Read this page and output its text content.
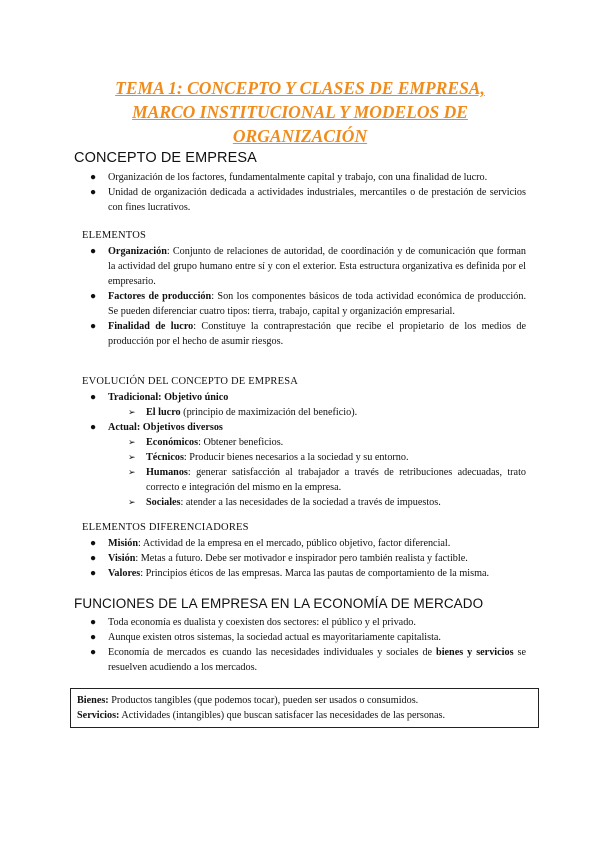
TEMA 1: CONCEPTO Y CLASES DE EMPRESA,
MARCO INSTITUCIONAL Y MODELOS DE
ORGANIZACIÓN
CONCEPTO DE EMPRESA
● Organización de los factores, fundamentalmente capital y trabajo, con una finalidad de lucro.
● Unidad de organización dedicada a actividades industriales, mercantiles o de prestación de servicios con fines lucrativos.
ELEMENTOS
● Organización: Conjunto de relaciones de autoridad, de coordinación y de comunicación que forman la actividad del grupo humano entre sí y con el exterior. Esta estructura organizativa es definida por el empresario.
● Factores de producción: Son los componentes básicos de toda actividad económica de producción. Se pueden diferenciar cuatro tipos: tierra, trabajo, capital y organización empresarial.
● Finalidad de lucro: Constituye la contraprestación que recibe el propietario de los medios de producción por el hecho de asumir riesgos.
EVOLUCIÓN DEL CONCEPTO DE EMPRESA
● Tradicional: Objetivo único
➢ El lucro (principio de maximización del beneficio).
● Actual: Objetivos diversos
➢ Económicos: Obtener beneficios.
➢ Técnicos: Producir bienes necesarios a la sociedad y su entorno.
➢ Humanos: generar satisfacción al trabajador a través de retribuciones adecuadas, trato correcto e integración del mismo en la empresa.
➢ Sociales: atender a las necesidades de la sociedad a través de impuestos.
ELEMENTOS DIFERENCIADORES
● Misión: Actividad de la empresa en el mercado, público objetivo, factor diferencial.
● Visión: Metas a futuro. Debe ser motivador e inspirador pero también realista y factible.
● Valores: Principios éticos de las empresas. Marca las pautas de comportamiento de la misma.
FUNCIONES DE LA EMPRESA EN LA ECONOMÍA DE MERCADO
● Toda economía es dualista y coexisten dos sectores: el público y el privado.
● Aunque existen otros sistemas, la sociedad actual es mayoritariamente capitalista.
● Economía de mercados es cuando las necesidades individuales y sociales de bienes y servicios se resuelven acudiendo a los mercados.
Bienes: Productos tangibles (que podemos tocar), pueden ser usados o consumidos.
Servicios: Actividades (intangibles) que buscan satisfacer las necesidades de las personas.
